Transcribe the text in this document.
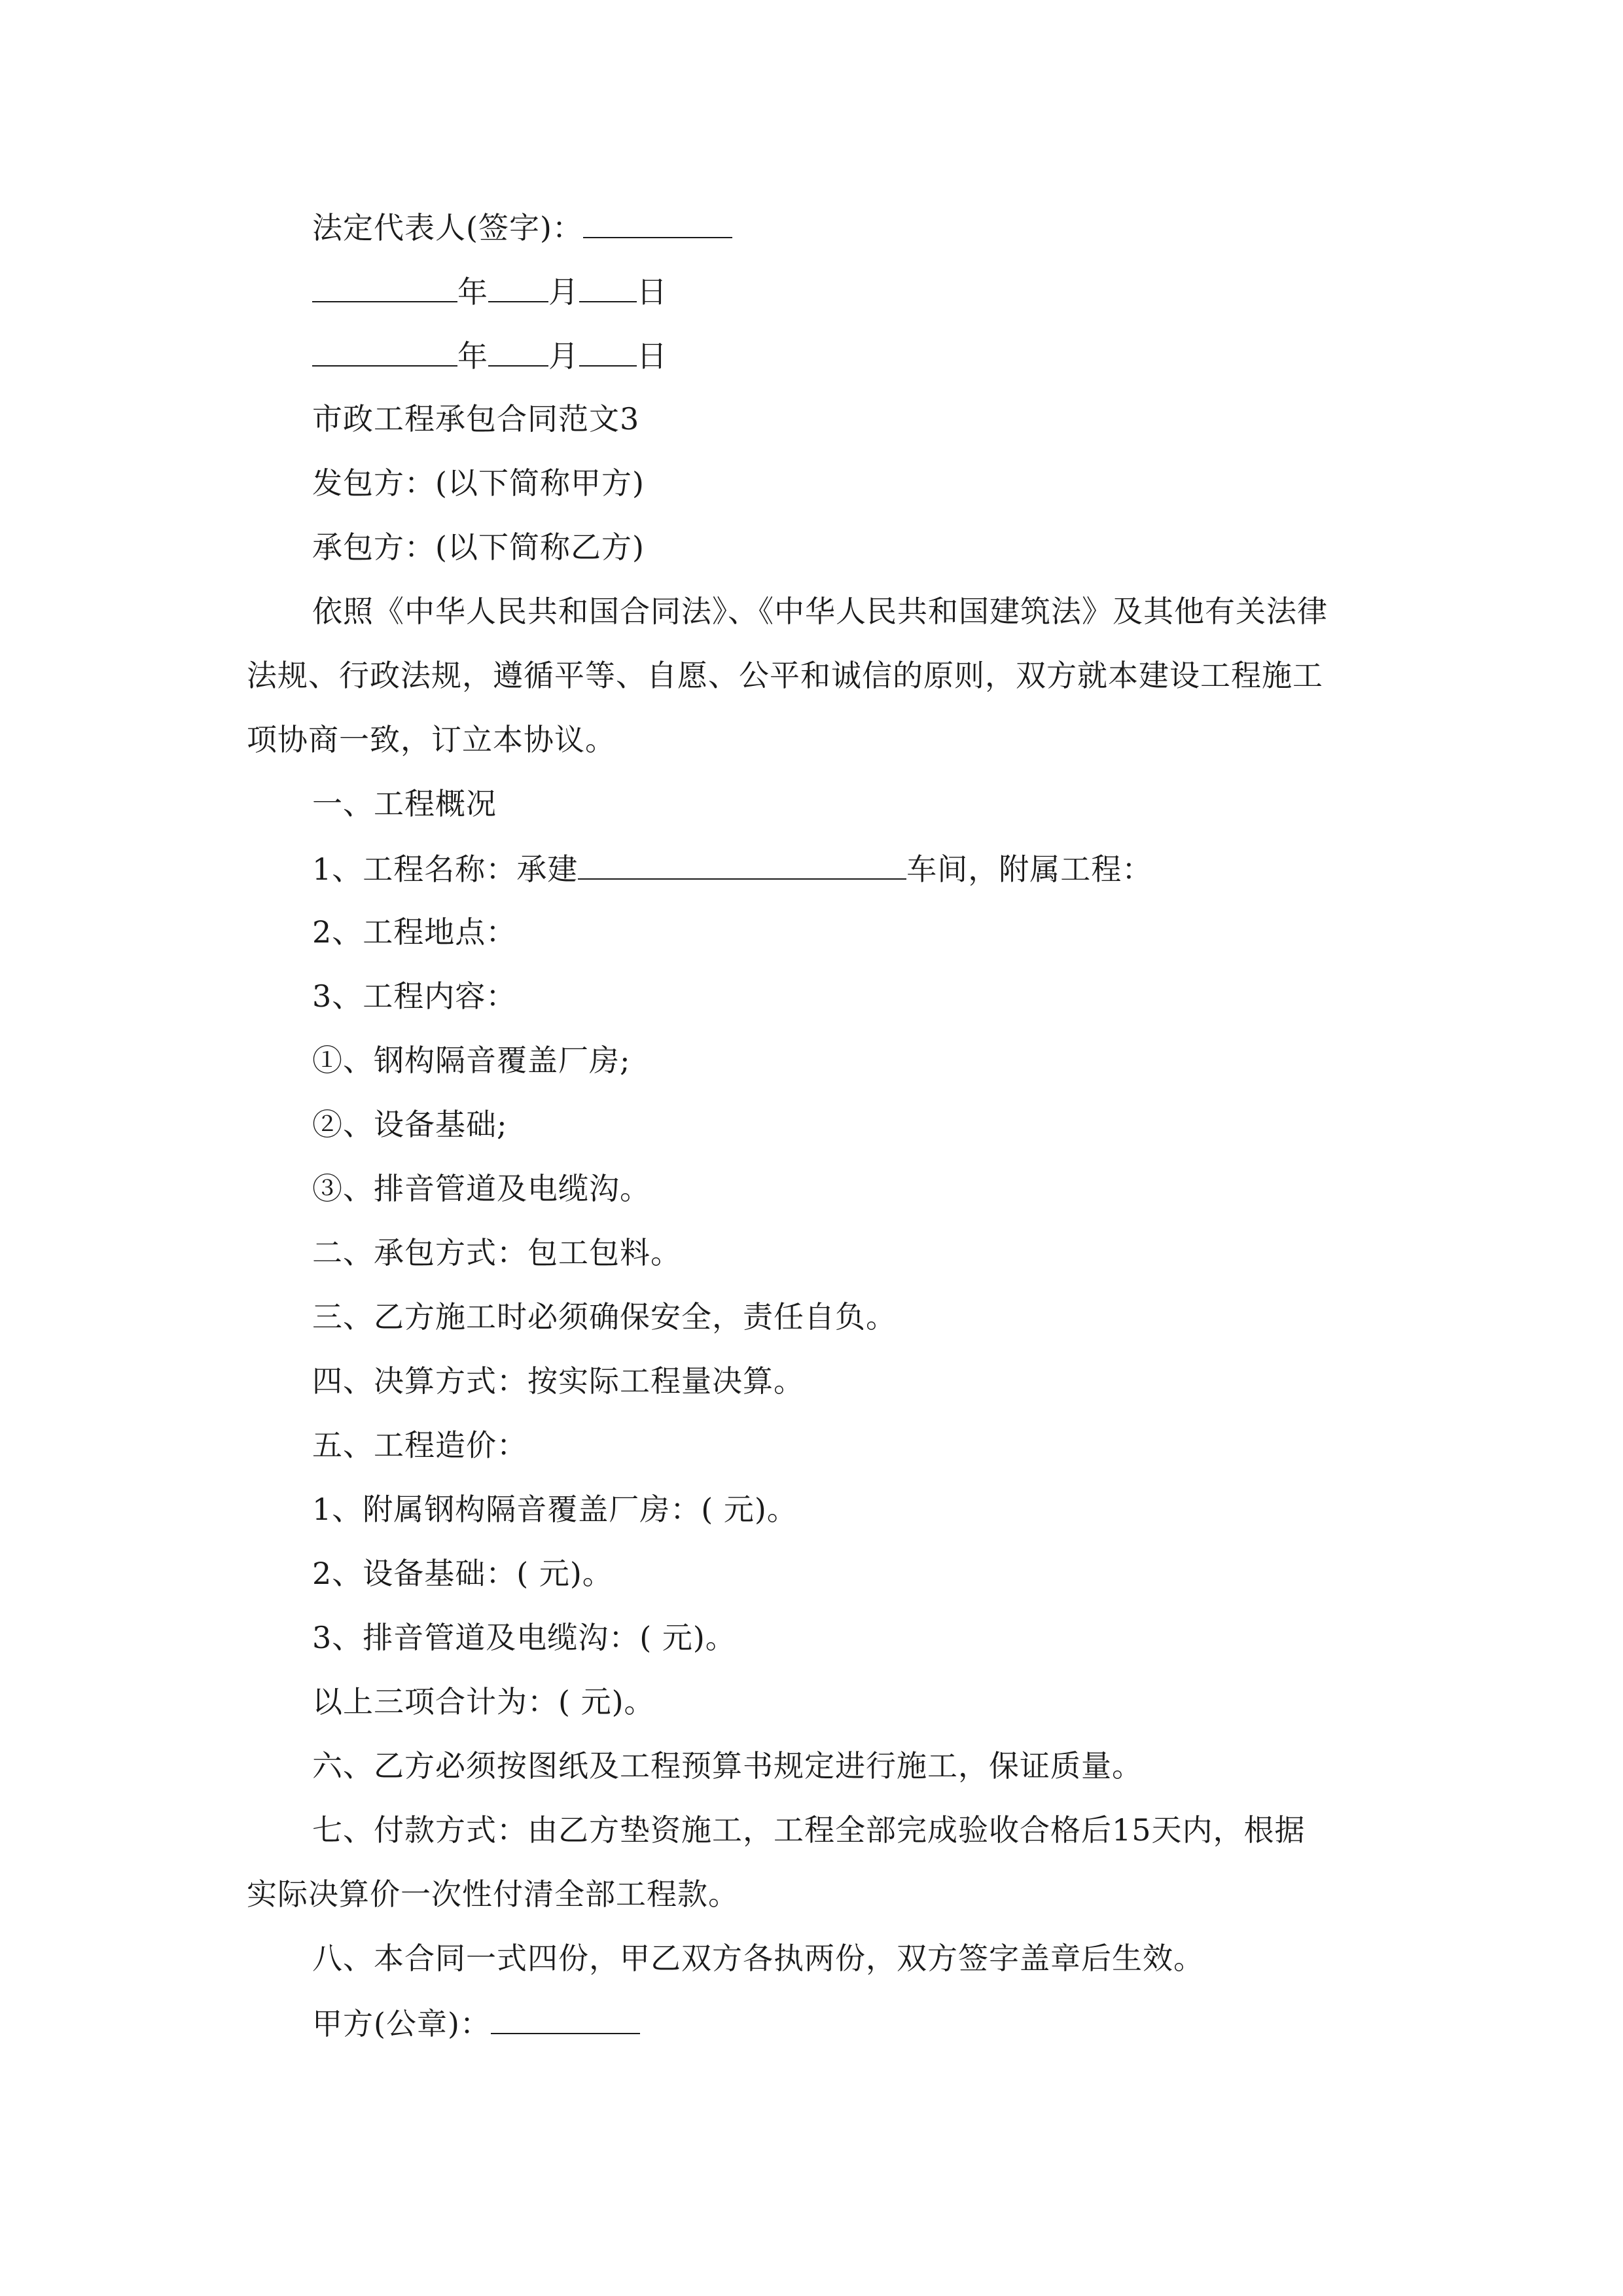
法定代表人(签字)：
年 月 日
年 月 日
市政工程承包合同范文3
发包方：(以下简称甲方)
承包方：(以下简称乙方)
依照《中华人民共和国合同法》、《中华人民共和国建筑法》及其他有关法律
法规、行政法规，遵循平等、自愿、公平和诚信的原则，双方就本建设工程施工
项协商一致，订立本协议。
一、工程概况
1、工程名称：承建	车间，附属工程：
2、工程地点：
3、工程内容：
①、钢构隔音覆盖厂房;
②、设备基础;
③、排音管道及电缆沟。
二、承包方式：包工包料。
三、乙方施工时必须确保安全，责任自负。
四、决算方式：按实际工程量决算。
五、工程造价：
1、附属钢构隔音覆盖厂房：( 元)。
2、设备基础：( 元)。
3、排音管道及电缆沟：( 元)。
以上三项合计为：( 元)。
六、乙方必须按图纸及工程预算书规定进行施工，保证质量。
七、付款方式：由乙方垫资施工，工程全部完成验收合格后15天内，根据
实际决算价一次性付清全部工程款。
八、本合同一式四份，甲乙双方各执两份，双方签字盖章后生效。
甲方(公章)：
